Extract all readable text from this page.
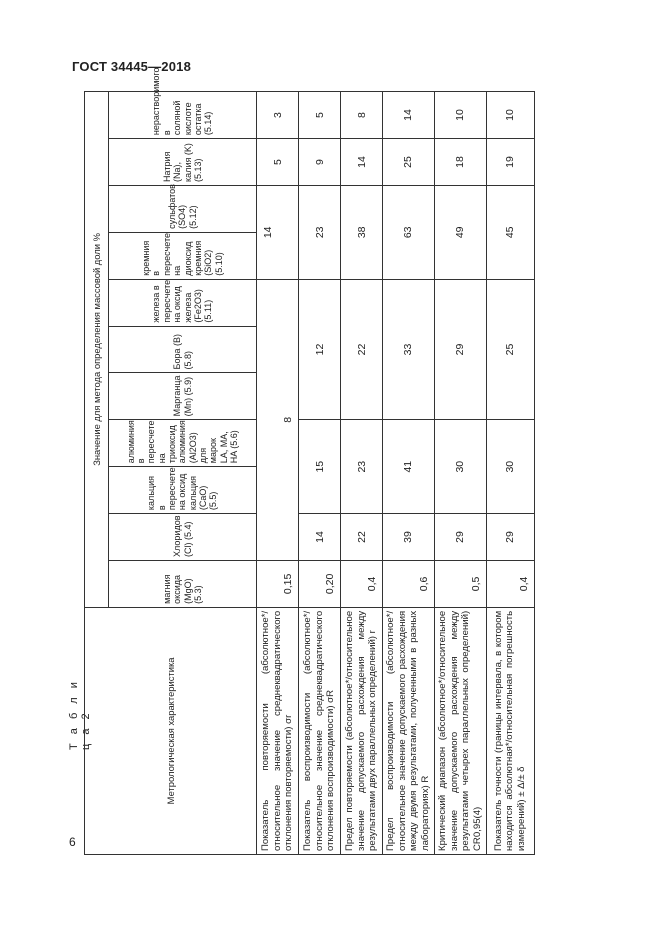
ГОСТ 34445—2018
Т а б л и ц а 2	Метрологическая характеристика	Значение для метода определения массовой доли %										
	магния оксида (MgO) (5.3)	Хлоридов (Cl) (5.4)	кальция в пересчете на оксид кальция (CaO) (5.5)	алюминия в пересчете на триоксид алюминия (Al2O3) для марок LA, MA, HA (5.6)	Марганца (Mn) (5.9)	Бора (B) (5.8)	железа в пересчете на оксид железа (Fe2O3) (5.11)	кремния в пересчете на диоксид кремния (SiO2) (5.10)	сульфатов (SO4) (5.12)	Натрия (Na), калия (K) (5.13)	нерастворимого в соляной кислоте остатка (5.14)
Показатель повторяемости (абсолютное*/относительное значение среднеквадратического отклонения повторяемости) σr	0,15	8						14		5	3
Показатель воспроизводимости (абсолютное*/относительное значение среднеквадратического отклонения воспроизводимости) σR	0,20	14	15		12			23		9	5
Предел повторяемости (абсолютное*/относительное значение допускаемого расхождения между результатами двух параллельных определений) r	0,4	22	23		22			38		14	8
Предел воспроизводимости (абсолютное*/относительное значение допускаемого расхождения между двумя результатами, полученными в разных лабораториях) R	0,6	39	41		33			63		25	14
Критический диапазон (абсолютное*/относительное значение допускаемого расхождения между результатами четырех параллельных определений) CR0,95(4)	0,5	29	30		29			49		18	10
Показатель точности (границы интервала, в котором находится абсолютная*/относительная погрешность измерений) ± Δ/± δ	0,4	29	30		25			45		19	10
6
